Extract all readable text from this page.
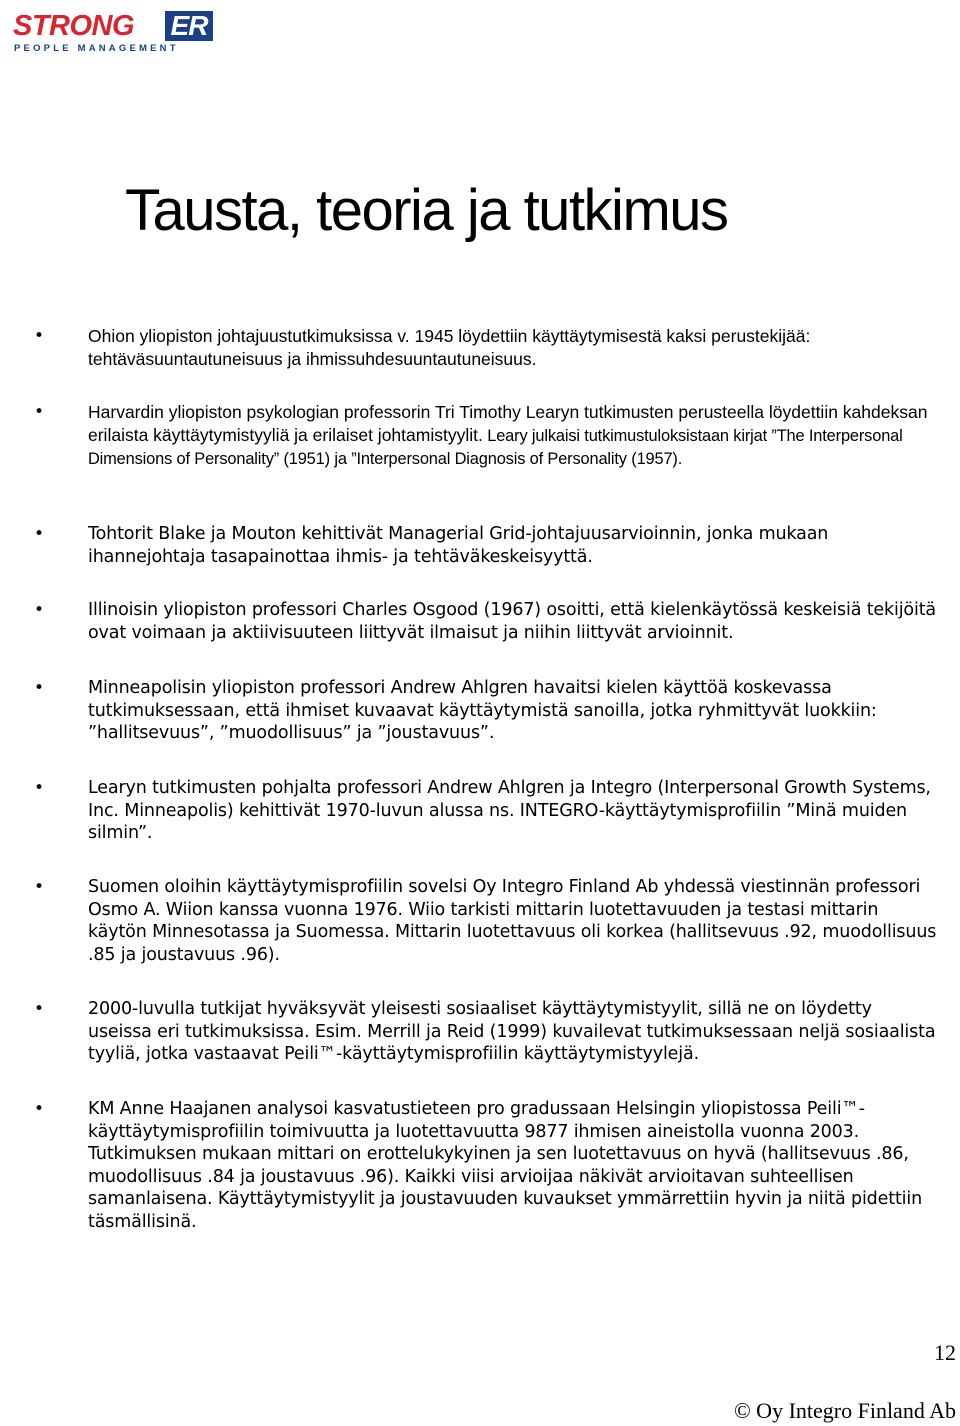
STRONG ER
PEOPLE MANAGEMENT
Tausta, teoria ja tutkimus
• Ohion yliopiston johtajuustutkimuksissa v. 1945 löydettiin käyttäytymisestä kaksi perustekijää: tehtäväsuuntautuneisuus ja ihmissuhdesuuntautuneisuus.
• Harvardin yliopiston psykologian professorin Tri Timothy Learyn tutkimusten perusteella löydettiin kahdeksan erilaista käyttäytymistyyliä ja erilaiset johtamistyylit. Leary julkaisi tutkimustuloksistaan kirjat ”The Interpersonal Dimensions of Personality” (1951) ja ”Interpersonal Diagnosis of Personality (1957).
• Tohtorit Blake ja Mouton kehittivät Managerial Grid-johtajuusarvioinnin, jonka mukaan ihannejohtaja tasapainottaa ihmis- ja tehtäväkeskeisyyttä.
• Illinoisin yliopiston professori Charles Osgood (1967) osoitti, että kielenkäytössä keskeisiä tekijöitä ovat voimaan ja aktiivisuuteen liittyvät ilmaisut ja niihin liittyvät arvioinnit.
• Minneapolisin yliopiston professori Andrew Ahlgren havaitsi kielen käyttöä koskevassa tutkimuksessaan, että ihmiset kuvaavat käyttäytymistä sanoilla, jotka ryhmittyvät luokkiin: ”hallitsevuus”, ”muodollisuus” ja ”joustavuus”.
• Learyn tutkimusten pohjalta professori Andrew Ahlgren ja Integro (Interpersonal Growth Systems, Inc. Minneapolis) kehittivät 1970-luvun alussa ns. INTEGRO-käyttäytymisprofiilin ”Minä muiden silmin”.
• Suomen oloihin käyttäytymisprofiilin sovelsi Oy Integro Finland Ab yhdessä viestinnän professori Osmo A. Wiion kanssa vuonna 1976. Wiio tarkisti mittarin luotettavuuden ja testasi mittarin käytön Minnesotassa ja Suomessa. Mittarin luotettavuus oli korkea (hallitsevuus .92, muodollisuus .85 ja joustavuus .96).
• 2000-luvulla tutkijat hyväksyvät yleisesti sosiaaliset käyttäytymistyylit, sillä ne on löydetty useissa eri tutkimuksissa. Esim. Merrill ja Reid (1999) kuvailevat tutkimuksessaan neljä sosiaalista tyyliä, jotka vastaavat Peili™-käyttäytymisprofiilin käyttäytymistyylejä.
• KM Anne Haajanen analysoi kasvatustieteen pro gradussaan Helsingin yliopistossa Peili™-käyttäytymisprofiilin toimivuutta ja luotettavuutta 9877 ihmisen aineistolla vuonna 2003. Tutkimuksen mukaan mittari on erottelukykyinen ja sen luotettavuus on hyvä (hallitsevuus .86, muodollisuus .84 ja joustavuus .96). Kaikki viisi arvioijaa näkivät arvioitavan suhteellisen samanlaisena. Käyttäytymistyylit ja joustavuuden kuvaukset ymmärrettiin hyvin ja niitä pidettiin täsmällisinä.
12
© Oy Integro Finland Ab
